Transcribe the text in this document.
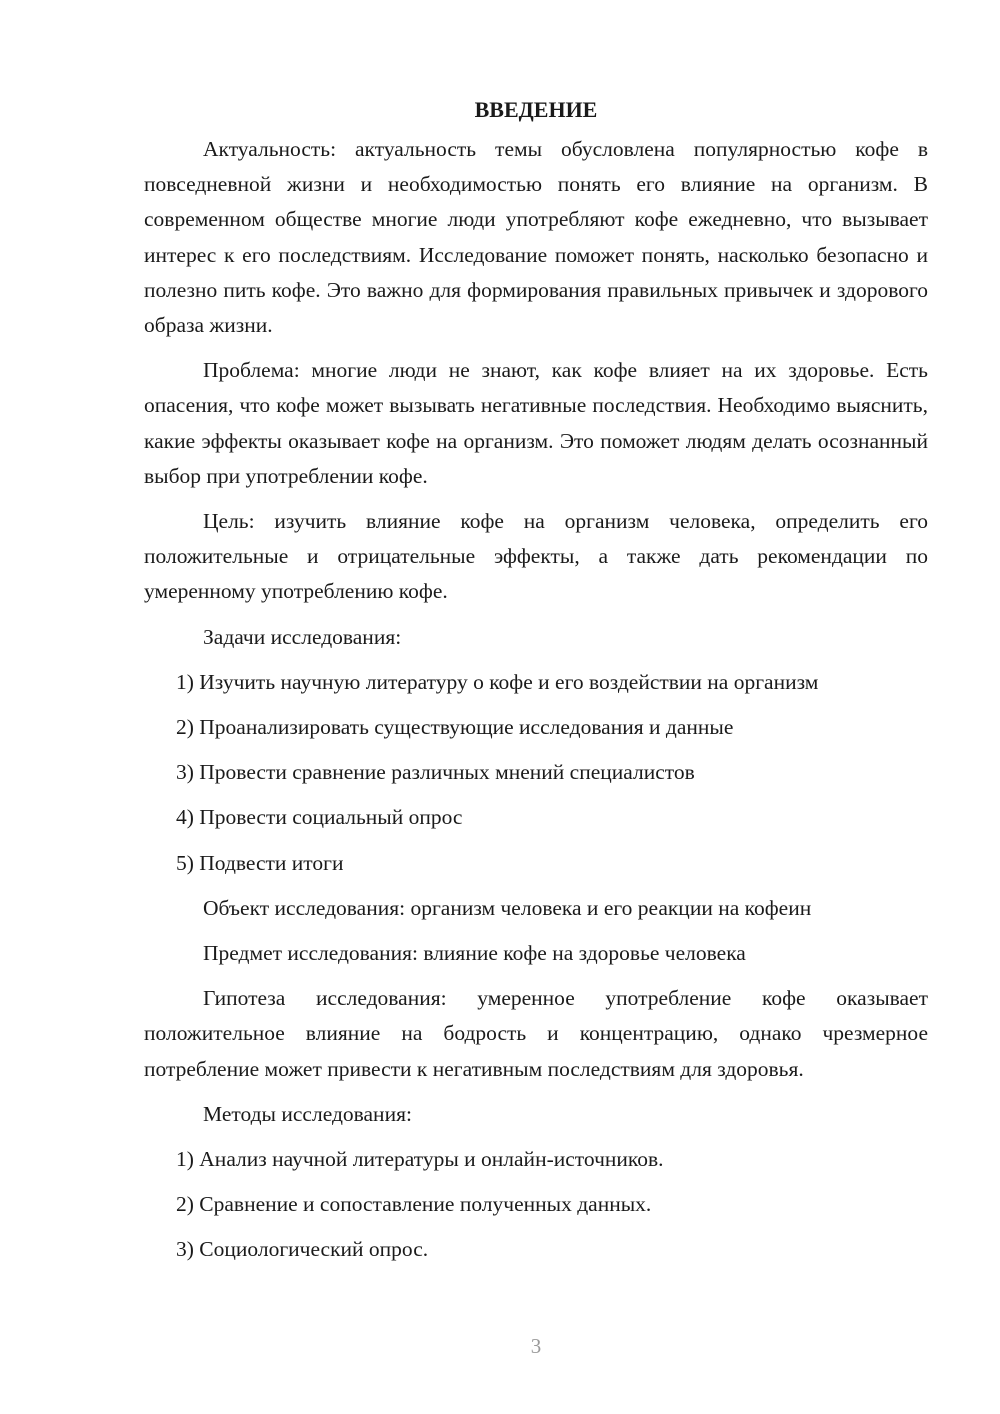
ВВЕДЕНИЕ

Актуальность: актуальность темы обусловлена популярностью кофе в повседневной жизни и необходимостью понять его влияние на организм. В современном обществе многие люди употребляют кофе ежедневно, что вызывает интерес к его последствиям. Исследование поможет понять, насколько безопасно и полезно пить кофе. Это важно для формирования правильных привычек и здорового образа жизни.

Проблема: многие люди не знают, как кофе влияет на их здоровье. Есть опасения, что кофе может вызывать негативные последствия. Необходимо выяснить, какие эффекты оказывает кофе на организм. Это поможет людям делать осознанный выбор при употреблении кофе.

Цель: изучить влияние кофе на организм человека, определить его положительные и отрицательные эффекты, а также дать рекомендации по умеренному употреблению кофе.

Задачи исследования:
1) Изучить научную литературу о кофе и его воздействии на организм
2) Проанализировать существующие исследования и данные
3) Провести сравнение различных мнений специалистов
4) Провести социальный опрос
5) Подвести итоги
Объект исследования: организм человека и его реакции на кофеин
Предмет исследования: влияние кофе на здоровье человека

Гипотеза исследования: умеренное употребление кофе оказывает положительное влияние на бодрость и концентрацию, однако чрезмерное потребление может привести к негативным последствиям для здоровья.

Методы исследования:
1) Анализ научной литературы и онлайн-источников.
2) Сравнение и сопоставление полученных данных.
3) Социологический опрос.
3
